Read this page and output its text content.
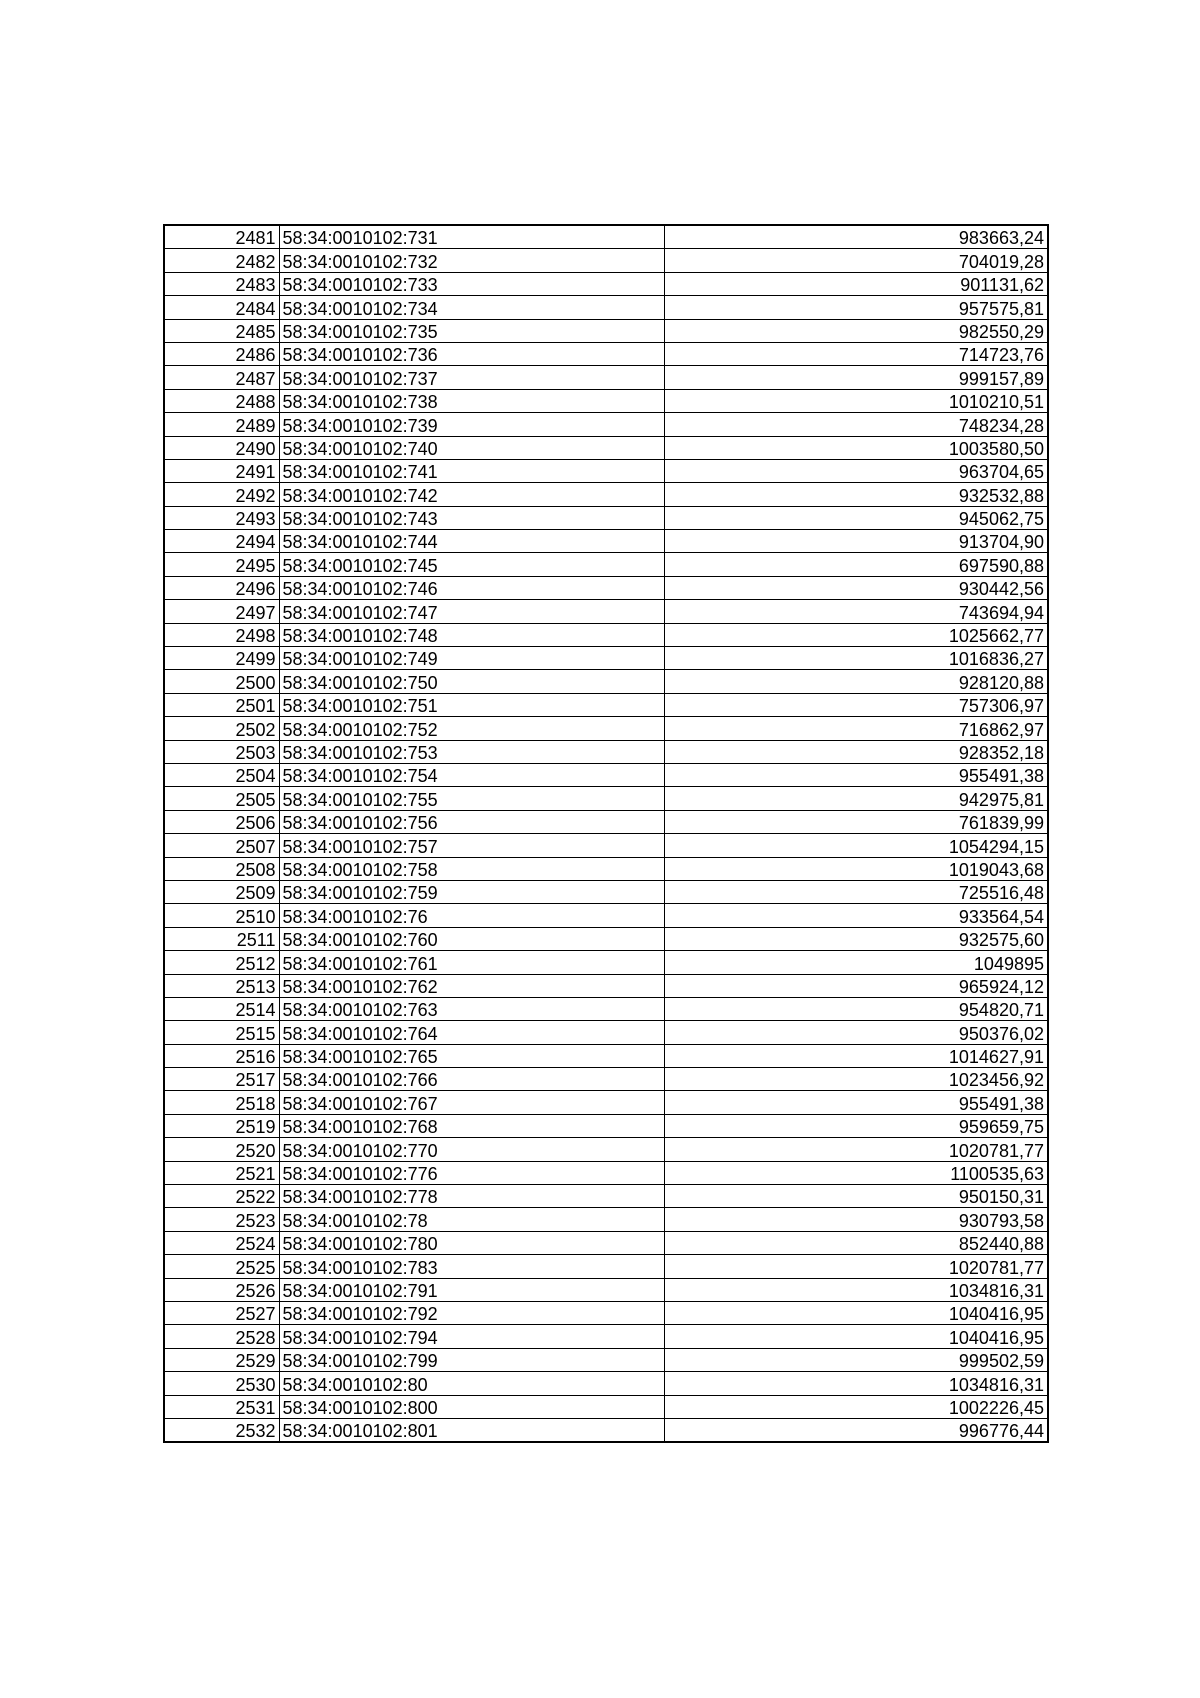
2481	58:34:0010102:731	983663,24
2482	58:34:0010102:732	704019,28
2483	58:34:0010102:733	901131,62
2484	58:34:0010102:734	957575,81
2485	58:34:0010102:735	982550,29
2486	58:34:0010102:736	714723,76
2487	58:34:0010102:737	999157,89
2488	58:34:0010102:738	1010210,51
2489	58:34:0010102:739	748234,28
2490	58:34:0010102:740	1003580,50
2491	58:34:0010102:741	963704,65
2492	58:34:0010102:742	932532,88
2493	58:34:0010102:743	945062,75
2494	58:34:0010102:744	913704,90
2495	58:34:0010102:745	697590,88
2496	58:34:0010102:746	930442,56
2497	58:34:0010102:747	743694,94
2498	58:34:0010102:748	1025662,77
2499	58:34:0010102:749	1016836,27
2500	58:34:0010102:750	928120,88
2501	58:34:0010102:751	757306,97
2502	58:34:0010102:752	716862,97
2503	58:34:0010102:753	928352,18
2504	58:34:0010102:754	955491,38
2505	58:34:0010102:755	942975,81
2506	58:34:0010102:756	761839,99
2507	58:34:0010102:757	1054294,15
2508	58:34:0010102:758	1019043,68
2509	58:34:0010102:759	725516,48
2510	58:34:0010102:76	933564,54
2511	58:34:0010102:760	932575,60
2512	58:34:0010102:761	1049895
2513	58:34:0010102:762	965924,12
2514	58:34:0010102:763	954820,71
2515	58:34:0010102:764	950376,02
2516	58:34:0010102:765	1014627,91
2517	58:34:0010102:766	1023456,92
2518	58:34:0010102:767	955491,38
2519	58:34:0010102:768	959659,75
2520	58:34:0010102:770	1020781,77
2521	58:34:0010102:776	1100535,63
2522	58:34:0010102:778	950150,31
2523	58:34:0010102:78	930793,58
2524	58:34:0010102:780	852440,88
2525	58:34:0010102:783	1020781,77
2526	58:34:0010102:791	1034816,31
2527	58:34:0010102:792	1040416,95
2528	58:34:0010102:794	1040416,95
2529	58:34:0010102:799	999502,59
2530	58:34:0010102:80	1034816,31
2531	58:34:0010102:800	1002226,45
2532	58:34:0010102:801	996776,44
